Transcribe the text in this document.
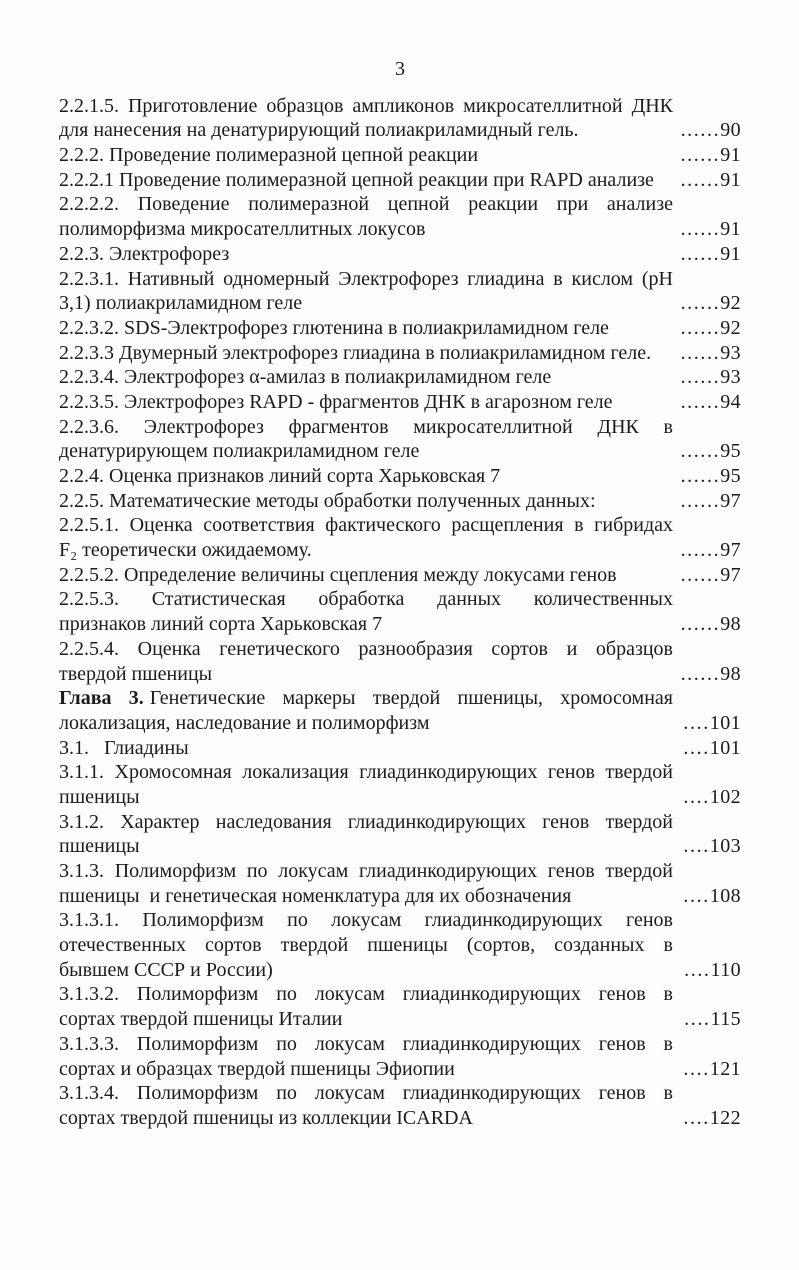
3
2.2.1.5. Приготовление образцов ампликонов микросателлитной ДНК
для нанесения на денатурирующий полиакриламидный гель.	......90
2.2.2. Проведение полимеразной цепной реакции	......91
2.2.2.1 Проведение полимеразной цепной реакции при RAPD анализе ......91
2.2.2.2. Поведение полимеразной цепной реакции при анализе
полиморфизма микросателлитных локусов	......91
2.2.3. Электрофорез	......91
2.2.3.1. Нативный одномерный Электрофорез глиадина в кислом (рН
3,1) полиакриламидном геле	......92
2.2.3.2. SDS-Электрофорез глютенина в полиакриламидном геле	......92
2.2.3.3 Двумерный электрофорез глиадина в полиакриламидном геле. ......93
2.2.3.4. Электрофорез α-амилаз в полиакриламидном геле	......93
2.2.3.5. Электрофорез RAPD - фрагментов ДНК в агарозном геле	......94
2.2.3.6. Электрофорез фрагментов микросателлитной ДНК в
денатурирующем полиакриламидном геле	......95
2.2.4. Оценка признаков линий сорта Харьковская 7	......95
2.2.5. Математические методы обработки полученных данных:	......97
2.2.5.1. Оценка соответствия фактического расщепления в гибридах
F₂ теоретически ожидаемому.	......97
2.2.5.2. Определение величины сцепления между локусами генов	......97
2.2.5.3. Статистическая обработка данных количественных
признаков линий сорта Харьковская 7	......98
2.2.5.4. Оценка генетического разнообразия сортов и образцов
твердой пшеницы	......98
Глава 3. Генетические маркеры твердой пшеницы, хромосомная
локализация, наследование и полиморфизм	....101
3.1.   Глиадины	....101
3.1.1. Хромосомная локализация глиадинкодирующих генов твердой
пшеницы	....102
3.1.2. Характер наследования глиадинкодирующих генов твердой
пшеницы	....103
3.1.3. Полиморфизм по локусам глиадинкодирующих генов твердой
пшеницы  и генетическая номенклатура для их обозначения	....108
3.1.3.1. Полиморфизм по локусам глиадинкодирующих генов
отечественных сортов твердой пшеницы (сортов, созданных в
бывшем СССР и России)	....110
3.1.3.2. Полиморфизм по локусам глиадинкодирующих генов в
сортах твердой пшеницы Италии	....115
3.1.3.3. Полиморфизм по локусам глиадинкодирующих генов в
сортах и образцах твердой пшеницы Эфиопии	....121
3.1.3.4. Полиморфизм по локусам глиадинкодирующих генов в
сортах твердой пшеницы из коллекции ICARDA	....122
